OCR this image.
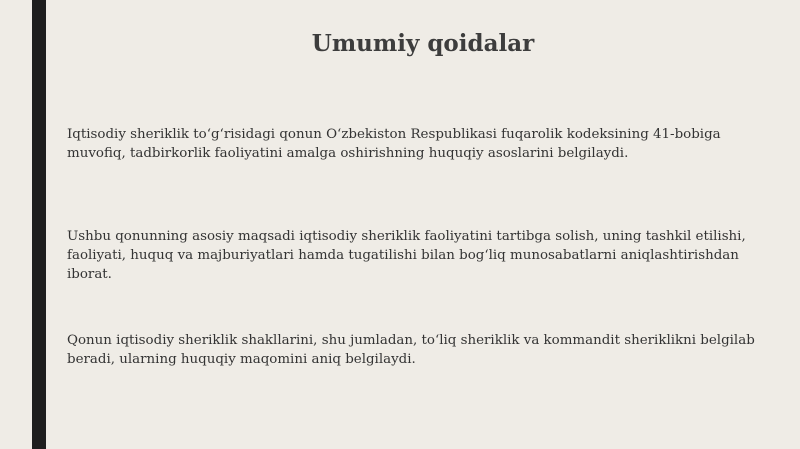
Umumiy qoidalar

Iqtisodiy sheriklik to‘g‘risidagi qonun O‘zbekiston Respublikasi fuqarolik kodeksining 41-bobiga muvofiq, tadbirkorlik faoliyatini amalga oshirishning huquqiy asoslarini belgilaydi.

Ushbu qonunning asosiy maqsadi iqtisodiy sheriklik faoliyatini tartibga solish, uning tashkil etilishi, faoliyati, huquq va majburiyatlari hamda tugatilishi bilan bog‘liq munosabatlarni aniqlashtirishdan iborat.

Qonun iqtisodiy sheriklik shakllarini, shu jumladan, to‘liq sheriklik va kommandit sheriklikni belgilab beradi, ularning huquqiy maqomini aniq belgilaydi.
